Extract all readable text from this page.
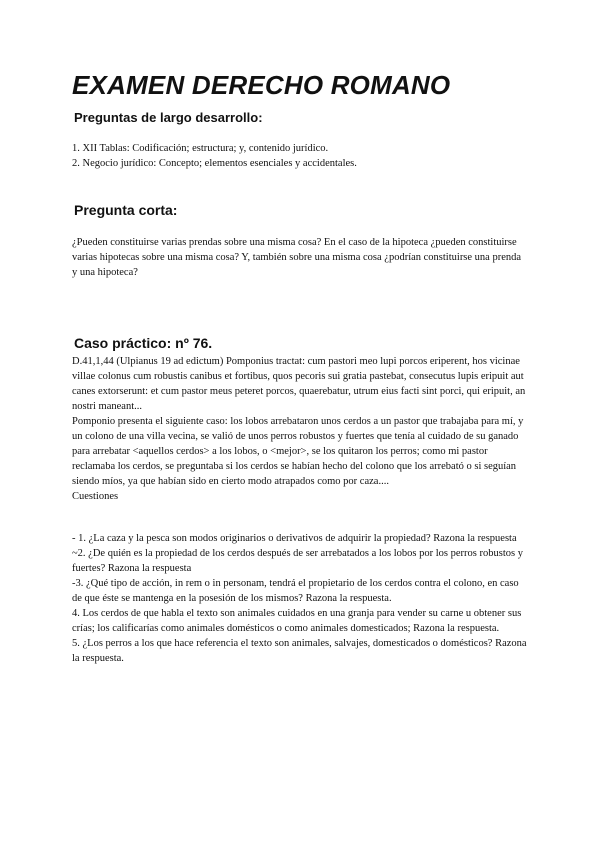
EXAMEN DERECHO ROMANO
Preguntas de largo desarrollo:

1. XII Tablas: Codificación; estructura; y, contenido jurídico.

2. Negocio jurídico: Concepto; elementos esenciales y accidentales.

Pregunta corta:

¿Pueden constituirse varias prendas sobre una misma cosa? En el caso de la hipoteca ¿pueden constituirse varias hipotecas sobre una misma cosa? Y, también sobre una misma cosa ¿podrían constituirse una prenda y una hipoteca?

Caso práctico: nº 76.

D.41,1,44 (Ulpianus 19 ad edictum) Pomponius tractat: cum pastori meo lupi porcos eriperent, hos vicinae villae colonus cum robustis canibus et fortibus, quos pecoris sui gratia pastebat, consecutus lupis eripuit aut canes extorserunt: et cum pastor meus peteret porcos, quaerebatur, utrum eius facti sint porci, qui eripuit, an nostri maneant...

Pomponio presenta el siguiente caso: los lobos arrebataron unos cerdos a un pastor que trabajaba para mí, y un colono de una villa vecina, se valió de unos perros robustos y fuertes que tenía al cuidado de su ganado para arrebatar <aquellos cerdos> a los lobos, o <mejor>, se los quitaron los perros; como mi pastor reclamaba los cerdos, se preguntaba si los cerdos se habían hecho del colono que los arrebató o si seguían siendo míos, ya que habían sido en cierto modo atrapados como por caza....

Cuestiones

- 1. ¿La caza y la pesca son modos originarios o derivativos de adquirir la propiedad? Razona la respuesta

~2. ¿De quién es la propiedad de los cerdos después de ser arrebatados a los lobos por los perros robustos y fuertes? Razona la respuesta

-3. ¿Qué tipo de acción, in rem o in personam, tendrá el propietario de los cerdos contra el colono, en caso de que éste se mantenga en la posesión de los mismos? Razona la respuesta.

4. Los cerdos de que habla el texto son animales cuidados en una granja para vender su carne u obtener sus crías; los calificarías como animales domésticos o como animales domesticados; Razona la respuesta.

5. ¿Los perros a los que hace referencia el texto son animales, salvajes, domesticados o domésticos? Razona la respuesta.
